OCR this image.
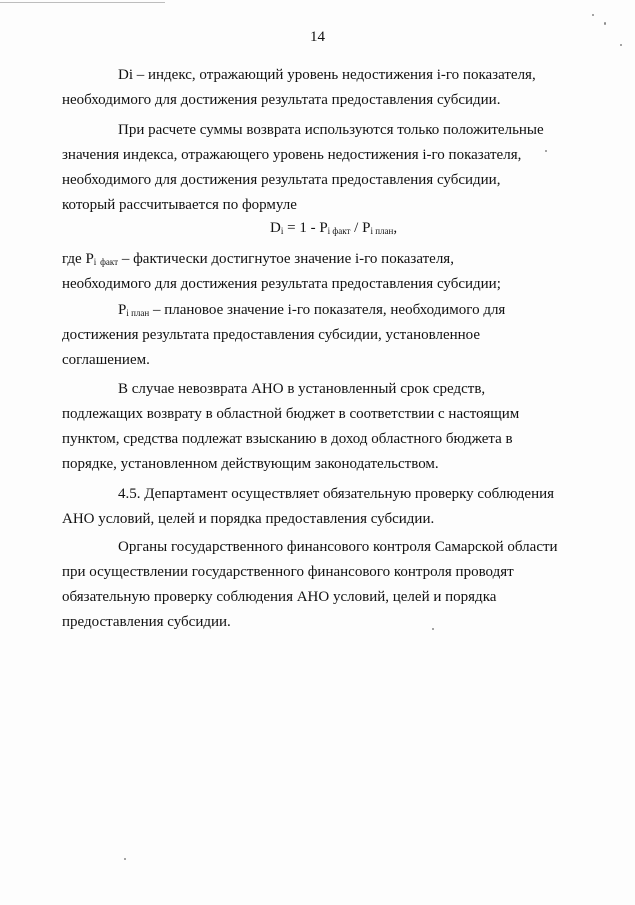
14
Di – индекс, отражающий уровень недостижения i-го показателя,
необходимого для достижения результата предоставления субсидии.
При расчете суммы возврата используются только положительные
значения индекса, отражающего уровень недостижения i-го показателя,
необходимого для достижения результата предоставления субсидии,
который рассчитывается по формуле
$D_i = 1 - P_{i факт} / P_{i план}$,
где $P_i$ $_{факт}$ – фактически достигнутое значение i-го показателя,
необходимого для достижения результата предоставления субсидии;
$P_{i план}$ – плановое значение i-го показателя, необходимого для
достижения результата предоставления субсидии, установленное
соглашением.
В случае невозврата АНО в установленный срок средств,
подлежащих возврату в областной бюджет в соответствии с настоящим
пунктом, средства подлежат взысканию в доход областного бюджета в
порядке, установленном действующим законодательством.
4.5. Департамент осуществляет обязательную проверку соблюдения
АНО условий, целей и порядка предоставления субсидии.
Органы государственного финансового контроля Самарской области
при осуществлении государственного финансового контроля проводят
обязательную проверку соблюдения АНО условий, целей и порядка
предоставления субсидии.
